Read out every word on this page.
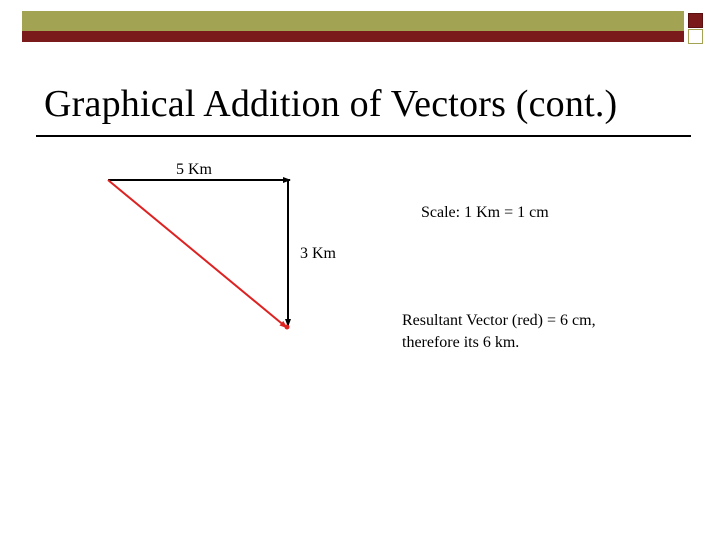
Graphical Addition of Vectors (cont.)
5 Km
Scale: 1 Km = 1 cm
3 Km
Resultant Vector (red) = 6 cm,
therefore its 6 km.
